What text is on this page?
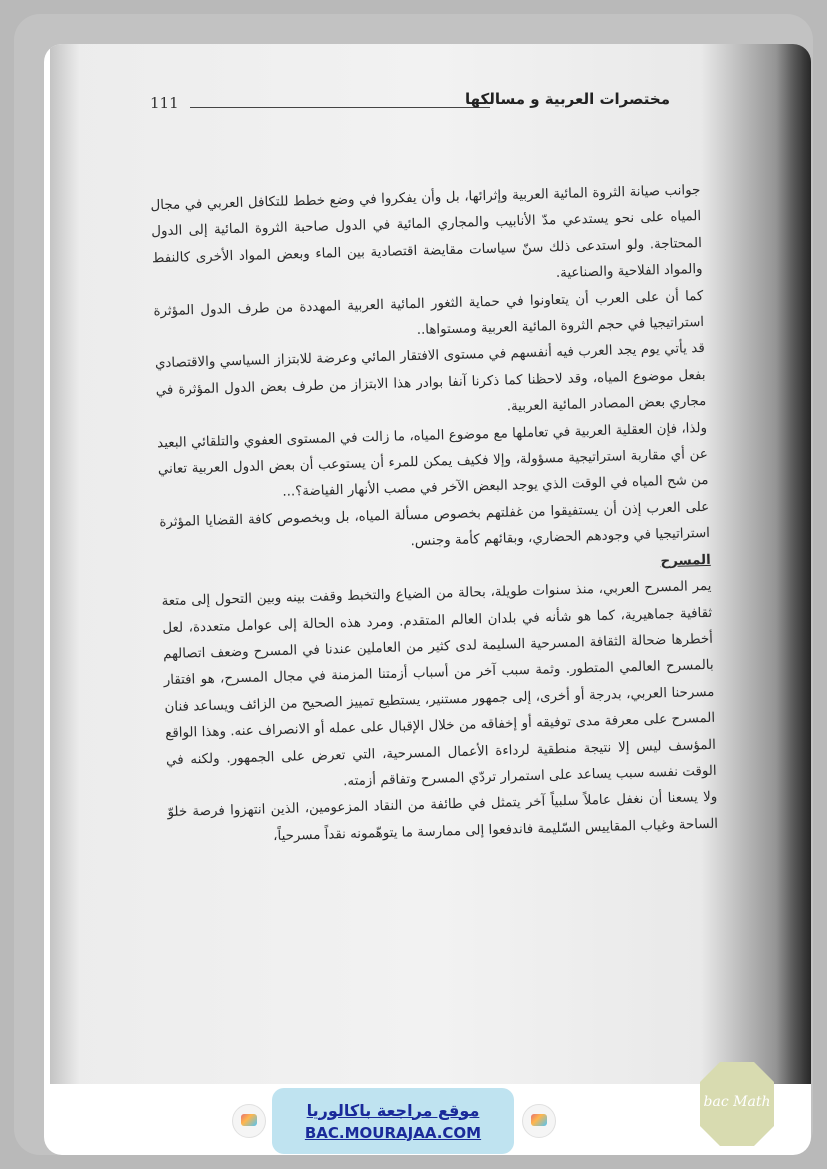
111	مختصرات العربية و مسالكها

جوانب صيانة الثروة المائية العربية وإثرائها، بل وأن يفكروا في وضع خطط للتكافل العربي في مجال المياه على نحو يستدعي مدّ الأنابيب والمجاري المائية في الدول صاحبة الثروة المائية إلى الدول المحتاجة. ولو استدعى ذلك سنّ سياسات مقايضة اقتصادية بين الماء وبعض المواد الأخرى كالنفط والمواد الفلاحية والصناعية.

كما أن على العرب أن يتعاونوا في حماية الثغور المائية العربية المهددة من طرف الدول المؤثرة استراتيجيا في حجم الثروة المائية العربية ومستواها..

قد يأتي يوم يجد العرب فيه أنفسهم في مستوى الافتقار المائي وعرضة للابتزاز السياسي والاقتصادي بفعل موضوع المياه، وقد لاحظنا كما ذكرنا آنفا بوادر هذا الابتزاز من طرف بعض الدول المؤثرة في مجاري بعض المصادر المائية العربية.

ولذا، فإن العقلية العربية في تعاملها مع موضوع المياه، ما زالت في المستوى العفوي والتلقائي البعيد عن أي مقاربة استراتيجية مسؤولة، وإلا فكيف يمكن للمرء أن يستوعب أن بعض الدول العربية تعاني من شح المياه في الوقت الذي يوجد البعض الآخر في مصب الأنهار الفياضة؟...

على العرب إذن أن يستفيقوا من غفلتهم بخصوص مسألة المياه، بل وبخصوص كافة القضايا المؤثرة استراتيجيا في وجودهم الحضاري، وبقائهم كأمة وجنس.

المسرح

يمر المسرح العربي، منذ سنوات طويلة، بحالة من الضياع والتخبط وقفت بينه وبين التحول إلى متعة ثقافية جماهيرية، كما هو شأنه في بلدان العالم المتقدم. ومرد هذه الحالة إلى عوامل متعددة، لعل أخطرها ضحالة الثقافة المسرحية السليمة لدى كثير من العاملين عندنا في المسرح وضعف اتصالهم بالمسرح العالمي المتطور. وثمة سبب آخر من أسباب أزمتنا المزمنة في مجال المسرح، هو افتقار مسرحنا العربي، بدرجة أو أخرى، إلى جمهور مستنير، يستطيع تمييز الصحيح من الزائف ويساعد فنان المسرح على معرفة مدى توفيقه أو إخفاقه من خلال الإقبال على عمله أو الانصراف عنه. وهذا الواقع المؤسف ليس إلا نتيجة منطقية لرداءة الأعمال المسرحية، التي تعرض على الجمهور. ولكنه في الوقت نفسه سبب يساعد على استمرار تردّي المسرح وتفاقم أزمته.

ولا يسعنا أن نغفل عاملاً سلبياً آخر يتمثل في طائفة من النقاد المزعومين، الذين انتهزوا فرصة خلوّ الساحة وغياب المقاييس السّليمة فاندفعوا إلى ممارسة ما يتوهّمونه نقداً مسرحياً،

موقع مراجعة باكالوريا
BAC.MOURAJAA.COM
bac Math
